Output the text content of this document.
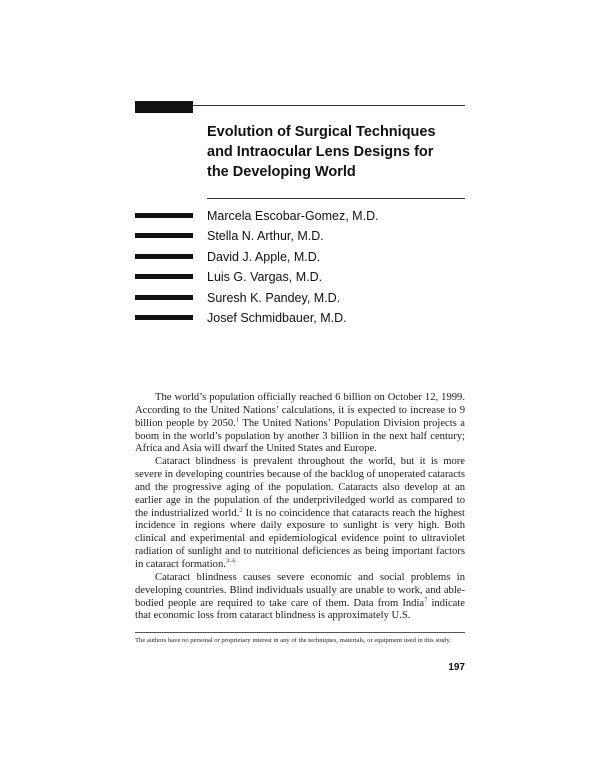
Evolution of Surgical Techniques
and Intraocular Lens Designs for
the Developing World
Marcela Escobar-Gomez, M.D.
Stella N. Arthur, M.D.
David J. Apple, M.D.
Luis G. Vargas, M.D.
Suresh K. Pandey, M.D.
Josef Schmidbauer, M.D.

The world’s population officially reached 6 billion on October 12, 1999. According to the United Nations’ calculations, it is expected to increase to 9 billion people by 2050.$^1$ The United Nations’ Population Division projects a boom in the world’s population by another 3 billion in the next half century; Africa and Asia will dwarf the United States and Europe.

Cataract blindness is prevalent throughout the world, but it is more severe in developing countries because of the backlog of unoperated cataracts and the progressive aging of the population. Cataracts also develop at an earlier age in the population of the underpriviledged world as compared to the industrialized world.$^2$ It is no coincidence that cataracts reach the highest incidence in regions where daily exposure to sunlight is very high. Both clinical and experimental and epidemiological evidence point to ultraviolet radiation of sunlight and to nutritional deficiences as being important factors in cataract formation.$^{3-6}$

Cataract blindness causes severe economic and social problems in developing countries. Blind individuals usually are unable to work, and able-bodied people are required to take care of them. Data from India$^7$ indicate that economic loss from cataract blindness is approximately U.S.

The authors have no personal or proprietary interest in any of the techniques, materials, or equipment used in this study.
197
